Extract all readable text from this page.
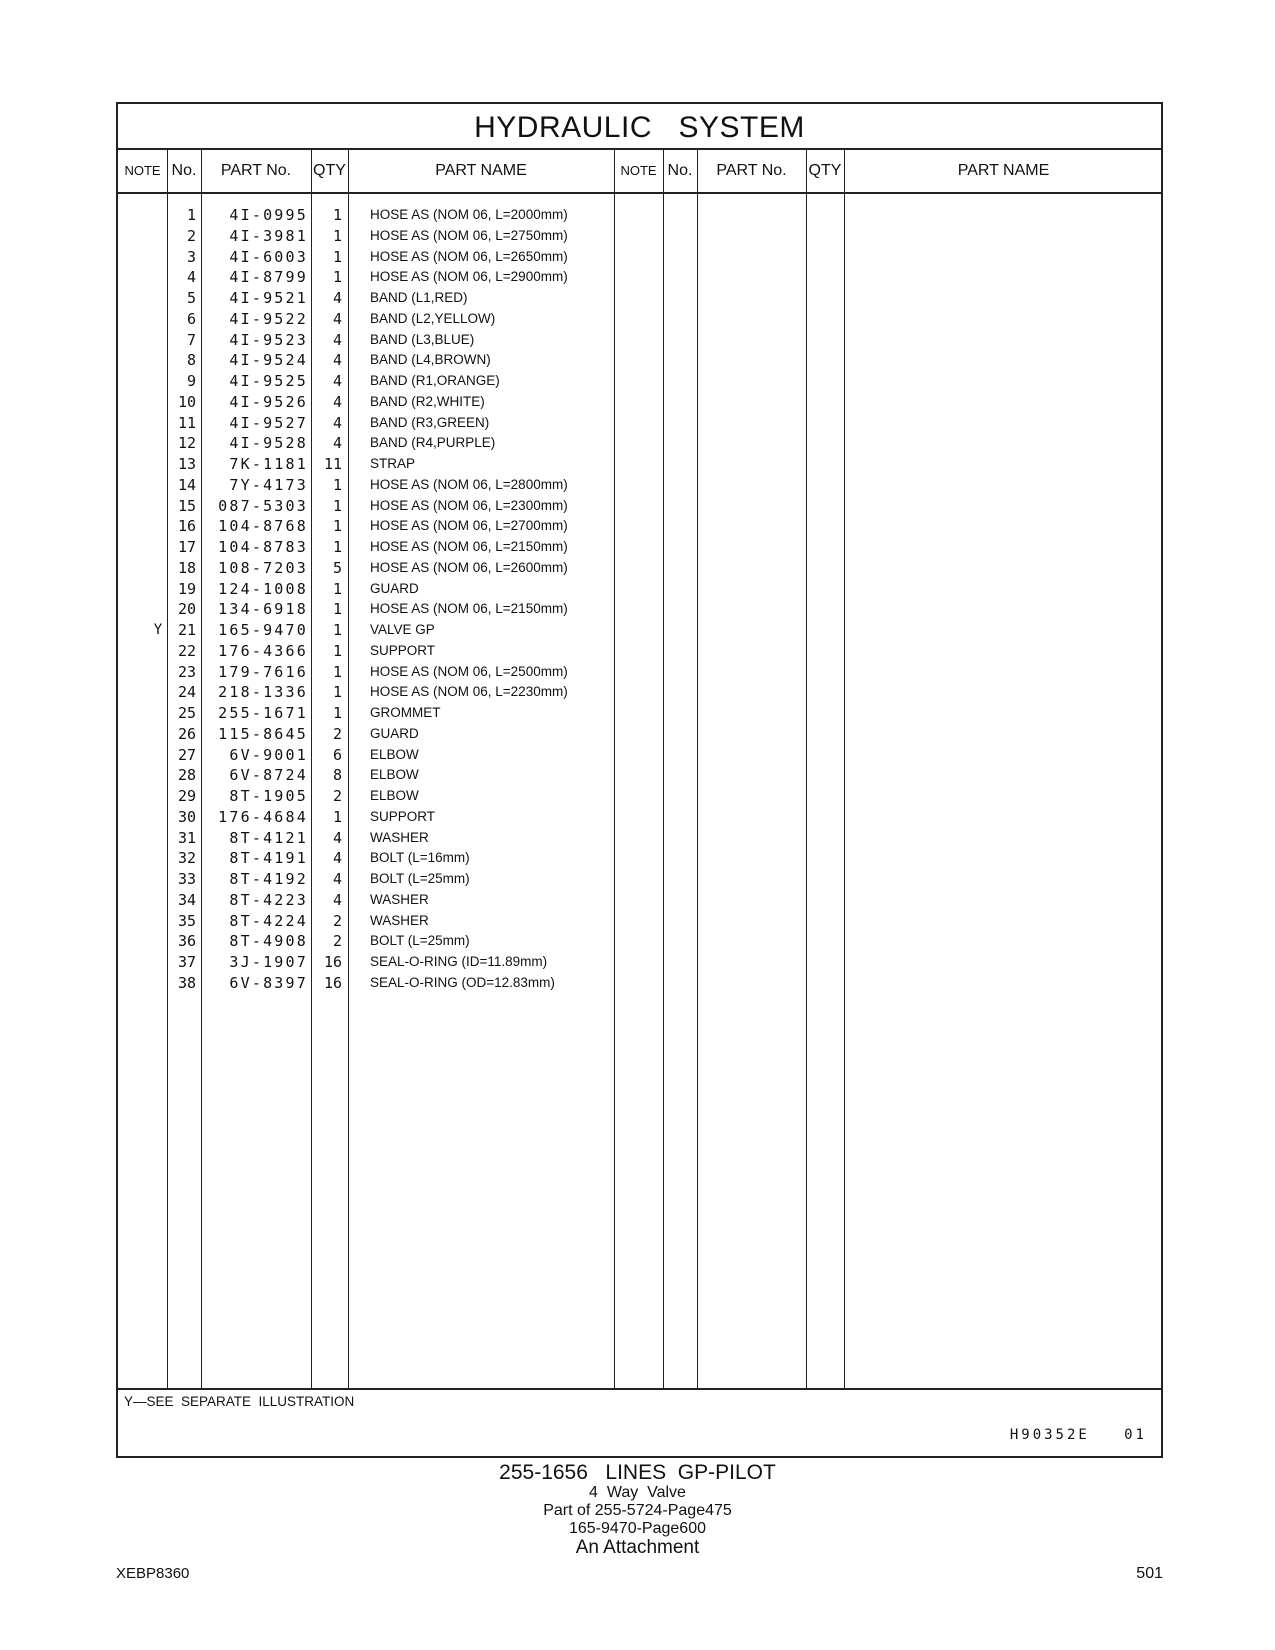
HYDRAULIC   SYSTEM
NOTE No.	PART No.	QTY	PART NAME	NOTE No.	PART No.	QTY	PART NAME
1	4I-0995	1 HOSE AS (NOM 06, L=2000mm)
2	4I-3981	1 HOSE AS (NOM 06, L=2750mm)
3	4I-6003	1 HOSE AS (NOM 06, L=2650mm)
4	4I-8799	1 HOSE AS (NOM 06, L=2900mm)
5	4I-9521	4 BAND (L1,RED)
6	4I-9522	4 BAND (L2,YELLOW)
7	4I-9523	4 BAND (L3,BLUE)
8	4I-9524	4 BAND (L4,BROWN)
9	4I-9525	4 BAND (R1,ORANGE)
10	4I-9526	4 BAND (R2,WHITE)
11	4I-9527	4 BAND (R3,GREEN)
12	4I-9528	4 BAND (R4,PURPLE)
13	7K-1181	11 STRAP
14	7Y-4173	1 HOSE AS (NOM 06, L=2800mm)
15	087-5303	1 HOSE AS (NOM 06, L=2300mm)
16	104-8768	1 HOSE AS (NOM 06, L=2700mm)
17	104-8783	1 HOSE AS (NOM 06, L=2150mm)
18	108-7203	5 HOSE AS (NOM 06, L=2600mm)
19	124-1008	1 GUARD
20	134-6918	1 HOSE AS (NOM 06, L=2150mm)
Y	21	165-9470	1 VALVE GP
22	176-4366	1 SUPPORT
23	179-7616	1 HOSE AS (NOM 06, L=2500mm)
24	218-1336	1 HOSE AS (NOM 06, L=2230mm)
25	255-1671	1 GROMMET
26	115-8645	2 GUARD
27	6V-9001	6 ELBOW
28	6V-8724	8 ELBOW
29	8T-1905	2 ELBOW
30	176-4684	1 SUPPORT
31	8T-4121	4 WASHER
32	8T-4191	4 BOLT (L=16mm)
33	8T-4192	4 BOLT (L=25mm)
34	8T-4223	4 WASHER
35	8T-4224	2 WASHER
36	8T-4908	2 BOLT (L=25mm)
37	3J-1907	16 SEAL-O-RING (ID=11.89mm)
38	6V-8397	16 SEAL-O-RING (OD=12.83mm)
Y—SEE  SEPARATE  ILLUSTRATION
H90352E   01
255-1656   LINES  GP-PILOT
4  Way  Valve
Part of 255-5724-Page475
165-9470-Page600
An Attachment
XEBP8360	501
